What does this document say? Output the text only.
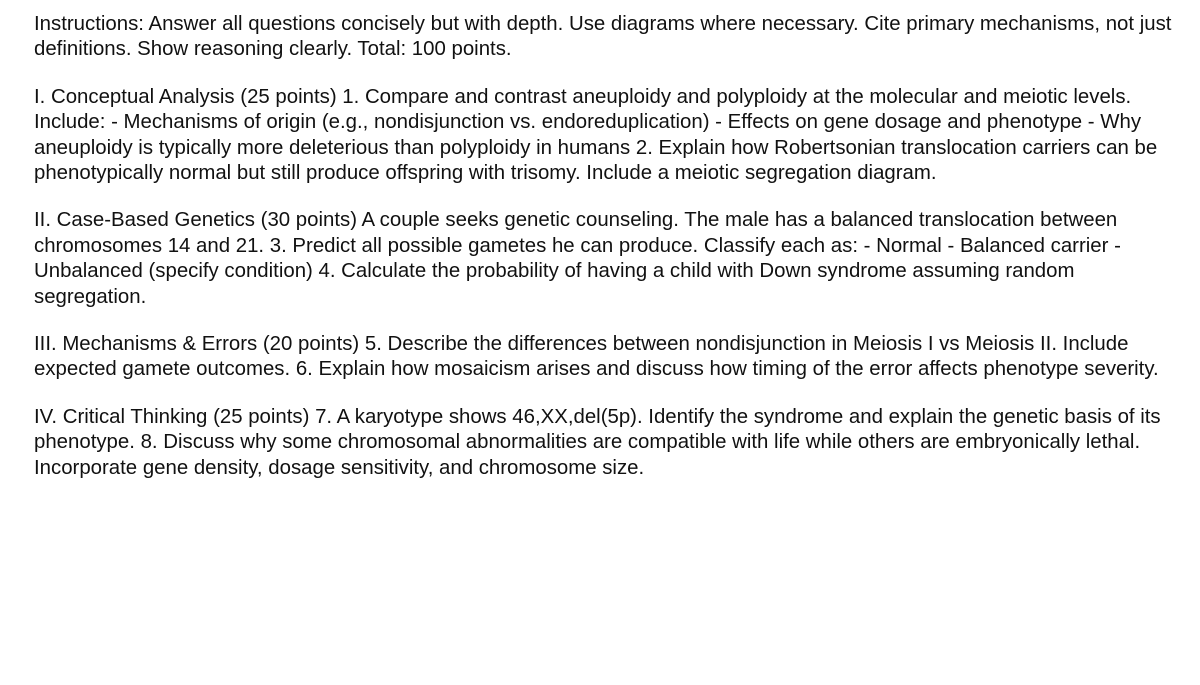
Instructions: Answer all questions concisely but with depth. Use diagrams where necessary. Cite primary mechanisms, not just definitions. Show reasoning clearly. Total: 100 points.

I. Conceptual Analysis (25 points) 1. Compare and contrast aneuploidy and polyploidy at the molecular and meiotic levels. Include: - Mechanisms of origin (e.g., nondisjunction vs. endoreduplication) - Effects on gene dosage and phenotype - Why aneuploidy is typically more deleterious than polyploidy in humans 2. Explain how Robertsonian translocation carriers can be phenotypically normal but still produce offspring with trisomy. Include a meiotic segregation diagram.

II. Case-Based Genetics (30 points) A couple seeks genetic counseling. The male has a balanced translocation between chromosomes 14 and 21. 3. Predict all possible gametes he can produce. Classify each as: - Normal - Balanced carrier - Unbalanced (specify condition) 4. Calculate the probability of having a child with Down syndrome assuming random segregation.

III. Mechanisms & Errors (20 points) 5. Describe the differences between nondisjunction in Meiosis I vs Meiosis II. Include expected gamete outcomes. 6. Explain how mosaicism arises and discuss how timing of the error affects phenotype severity.

IV. Critical Thinking (25 points) 7. A karyotype shows 46,XX,del(5p). Identify the syndrome and explain the genetic basis of its phenotype. 8. Discuss why some chromosomal abnormalities are compatible with life while others are embryonically lethal. Incorporate gene density, dosage sensitivity, and chromosome size.
